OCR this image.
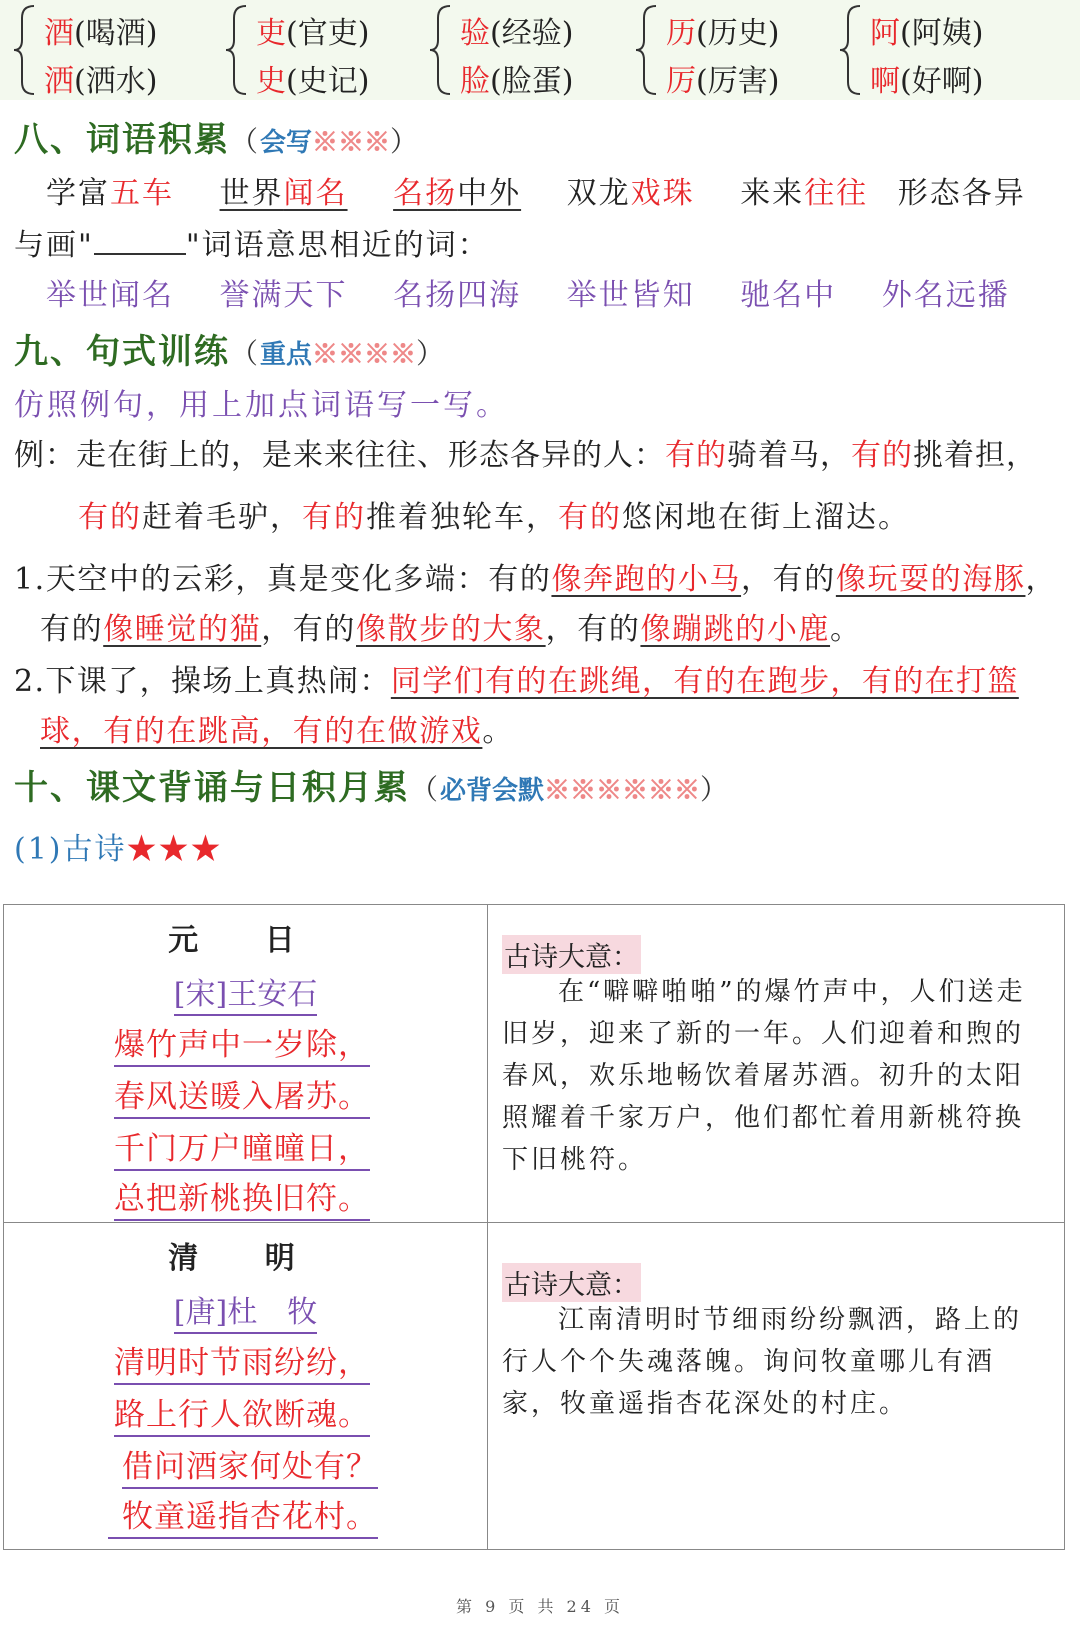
酒(喝酒)
洒(洒水)
吏(官吏)
史(史记)
验(经验)
脸(脸蛋)
历(历史)
厉(厉害)
阿(阿姨)
啊(好啊)
八、词语积累（会写※※※）
学富五车 世界闻名 名扬中外 双龙戏珠 来来往往 形态各异
与画"	"词语意思相近的词：
举世闻名 誉满天下 名扬四海 举世皆知 驰名中 外名远播
九、句式训练（重点※※※※）
仿照例句，用上加点词语写一写。
例：走在街上的，是来来往往、形态各异的人：有的骑着马，有的挑着担，
有的赶着毛驴，有的推着独轮车，有的悠闲地在街上溜达。
1.天空中的云彩，真是变化多端：有的像奔跑的小马，有的像玩耍的海豚，
有的像睡觉的猫，有的像散步的大象，有的像蹦跳的小鹿。
2.下课了，操场上真热闹：同学们有的在跳绳，有的在跑步，有的在打篮
球，有的在跳高，有的在做游戏。
十、课文背诵与日积月累（必背会默※※※※※※）
(1)古诗★★★
元 日
[宋]王安石
爆竹声中一岁除，
春风送暖入屠苏。
千门万户曈曈日，
总把新桃换旧符。
古诗大意：
在“噼噼啪啪”的爆竹声中，人们送走旧岁，迎来了新的一年。人们迎着和煦的春风，欢乐地畅饮着屠苏酒。初升的太阳照耀着千家万户，他们都忙着用新桃符换下旧桃符。
清 明
[唐]杜　牧
清明时节雨纷纷，
路上行人欲断魂。
借问酒家何处有？
牧童遥指杏花村。
古诗大意：
江南清明时节细雨纷纷飘洒，路上的行人个个失魂落魄。询问牧童哪儿有酒家，牧童遥指杏花深处的村庄。
第 9 页 共 24 页
